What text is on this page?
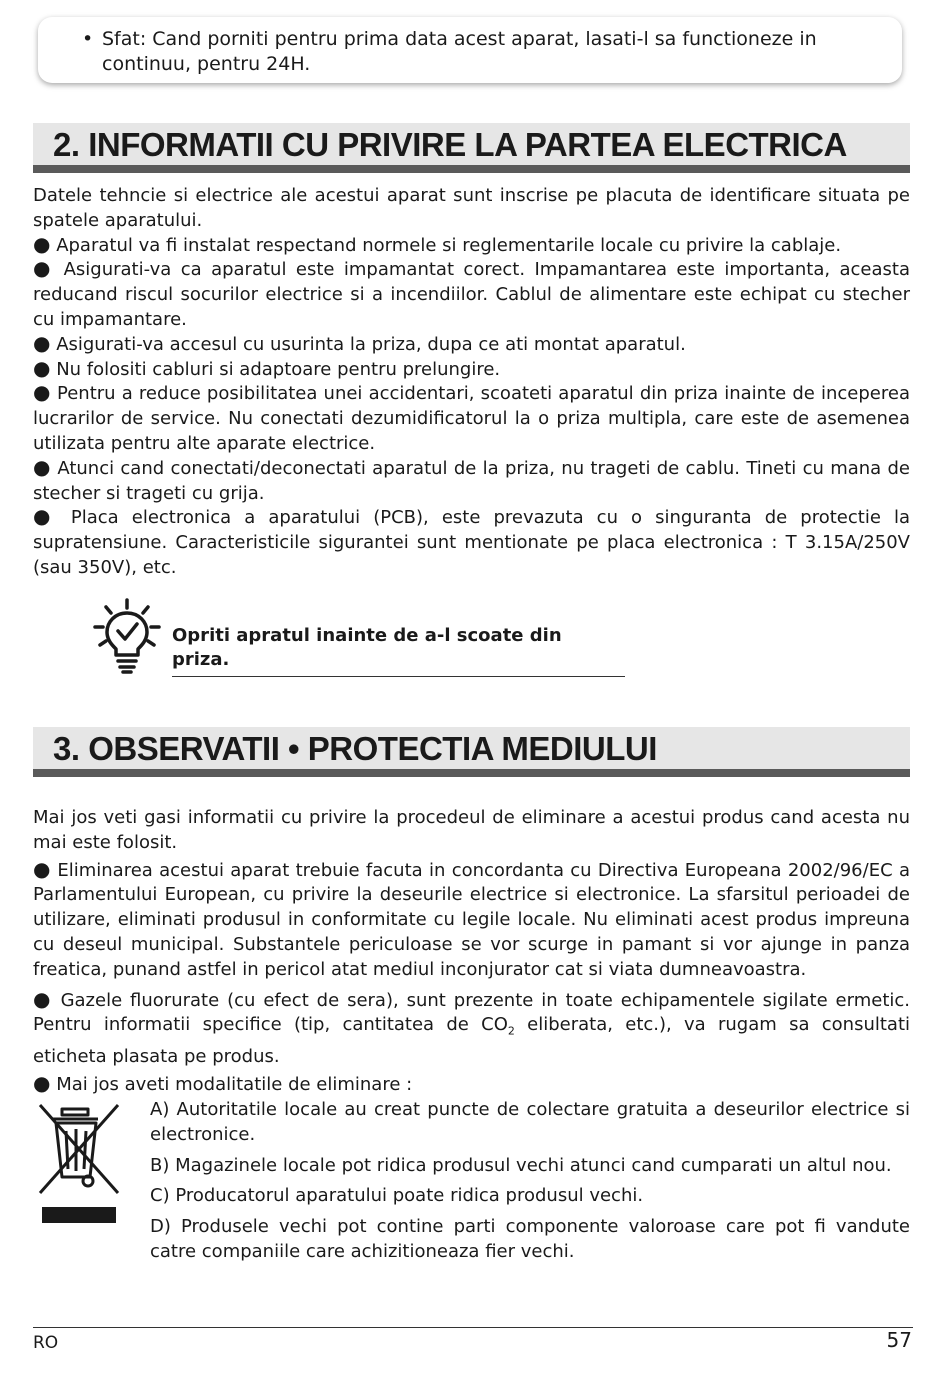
• Sfat: Cand porniti pentru prima data acest aparat, lasati-l sa functioneze in continuu, pentru 24H.
2. INFORMATII CU PRIVIRE LA PARTEA ELECTRICA

Datele tehncie si electrice ale acestui aparat sunt inscrise pe placuta de identificare situata pe spatele aparatului.

● Aparatul va fi instalat respectand normele si reglementarile locale cu privire la cablaje.

● Asigurati-va ca aparatul este impamantat corect. Impamantarea este importanta, aceasta reducand riscul socurilor electrice si a incendiilor. Cablul de alimentare este echipat cu stecher cu impamantare.

● Asigurati-va accesul cu usurinta la priza, dupa ce ati montat aparatul.

● Nu folositi cabluri si adaptoare pentru prelungire.

● Pentru a reduce posibilitatea unei accidentari, scoateti aparatul din priza inainte de inceperea lucrarilor de service. Nu conectati dezumidificatorul la o priza multipla, care este de asemenea utilizata pentru alte aparate electrice.

● Atunci cand conectati/deconectati aparatul de la priza, nu trageti de cablu. Tineti cu mana de stecher si trageti cu grija.

● Placa electronica a aparatului (PCB), este prevazuta cu o singuranta de protectie la supratensiune. Caracteristicile sigurantei sunt mentionate pe placa electronica : T 3.15A/250V (sau 350V), etc.

Opriti apratul inainte de a-l scoate din priza.
3. OBSERVATII • PROTECTIA MEDIULUI

Mai jos veti gasi informatii cu privire la procedeul de eliminare a acestui produs cand acesta nu mai este folosit.

● Eliminarea acestui aparat trebuie facuta in concordanta cu Directiva Europeana 2002/96/EC a Parlamentului European, cu privire la deseurile electrice si electronice. La sfarsitul perioadei de utilizare, eliminati produsul in conformitate cu legile locale. Nu eliminati acest produs impreuna cu deseul municipal. Substantele periculoase se vor scurge in pamant si vor ajunge in panza freatica, punand astfel in pericol atat mediul inconjurator cat si viata dumneavoastra.

● Gazele fluorurate (cu efect de sera), sunt prezente in toate echipamentele sigilate ermetic. Pentru informatii specifice (tip, cantitatea de $CO_2$ eliberata, etc.), va rugam sa consultati eticheta plasata pe produs.

● Mai jos aveti modalitatile de eliminare :

A) Autoritatile locale au creat puncte de colectare gratuita a deseurilor electrice si electronice.

B) Magazinele locale pot ridica produsul vechi atunci cand cumparati un altul nou.

C) Producatorul aparatului poate ridica produsul vechi.

D) Produsele vechi pot contine parti componente valoroase care pot fi vandute catre companiile care achizitioneaza fier vechi.

RO	57
